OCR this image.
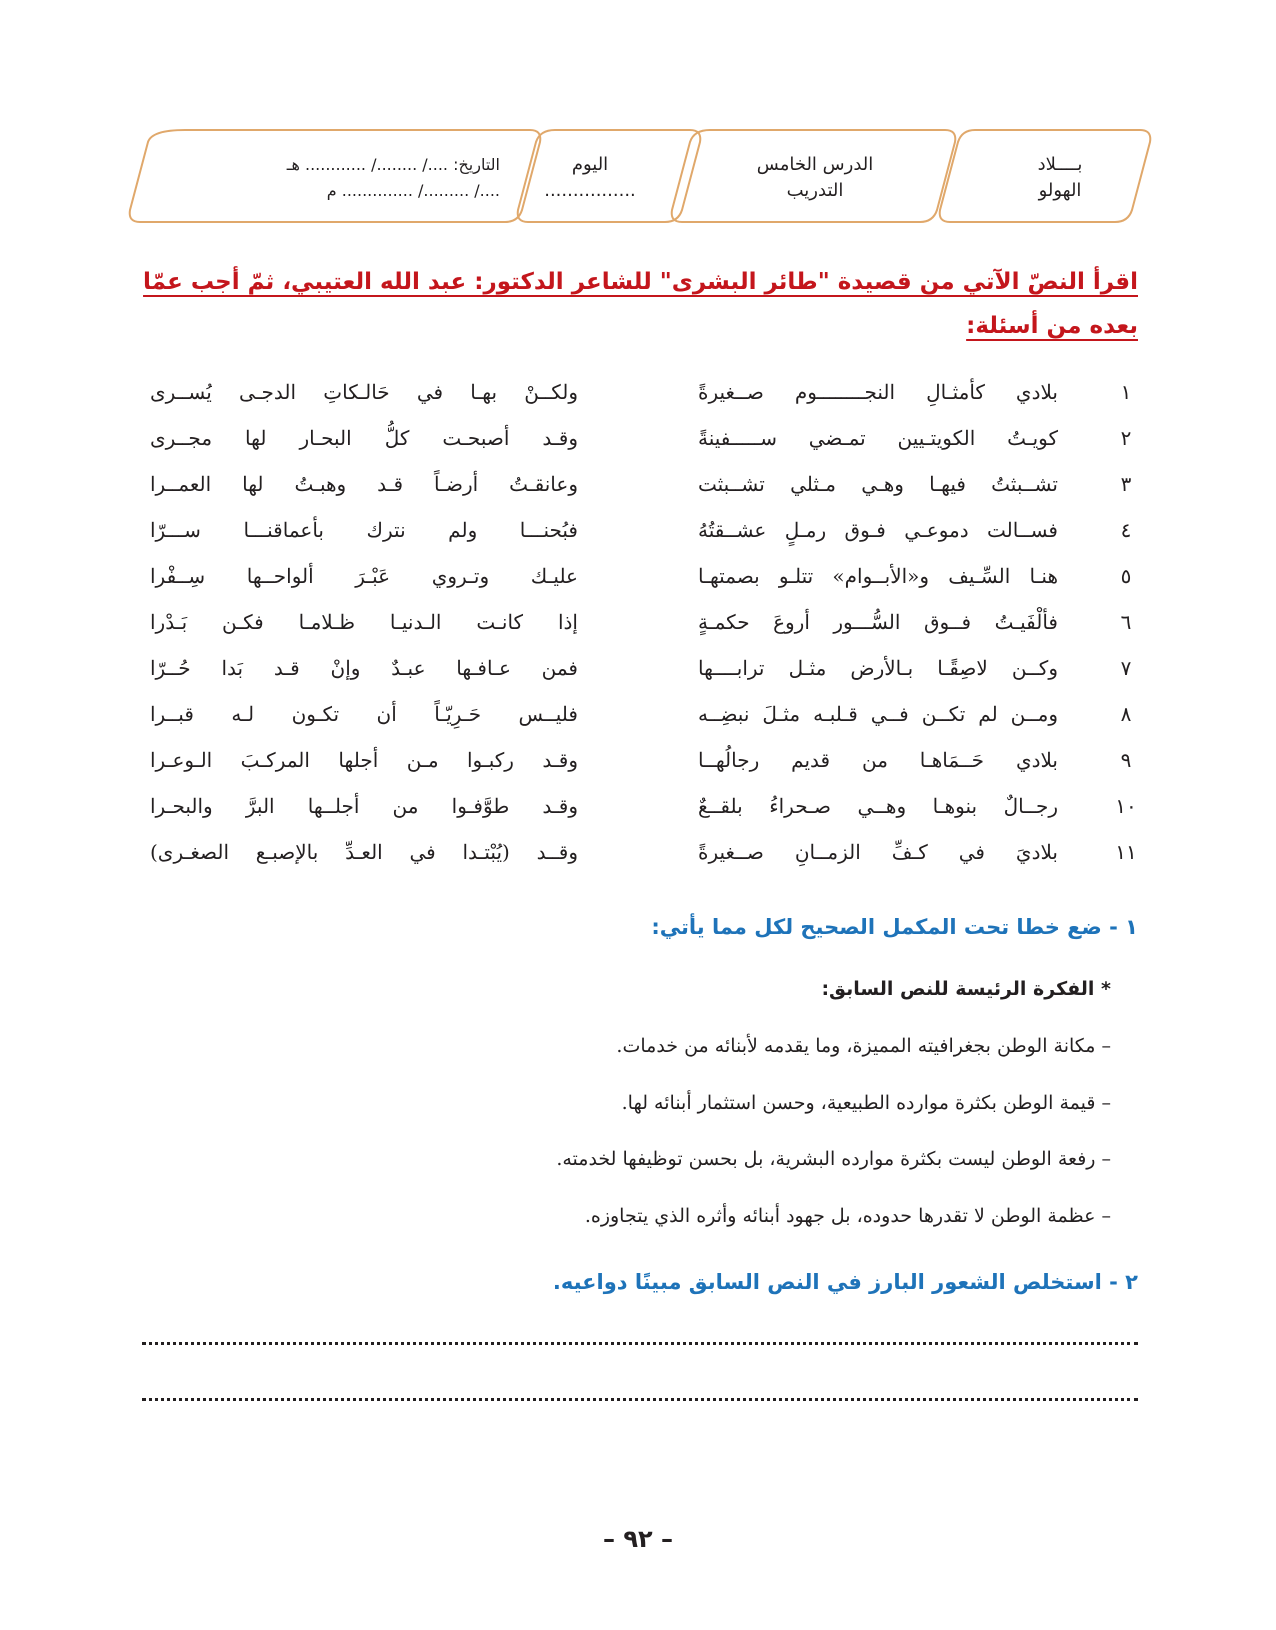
بــــلاد
الهولو
الدرس الخامس
التدريب
اليوم
................
التاريخ: ..../ ......../ ............ هـ
..../ ........./ .............. م
اقرأ النصّ الآتي من قصيدة "طائر البشرى" للشاعر الدكتور: عبد الله العتيبي، ثمّ أجب عمّا بعده من أسئلة:
١
بلادي كأمثـالِ النجــــــــوم صــغيرةً
ولكــنْ بهـا في حَالـكاتِ الدجـى يُســرى
٢
كويـتُ الكويتـيين تمـضي ســـــفينةً
وقـد أصبحـت كلُّ البحـار لها مجــرى
٣
تشــبثتُ فيهـا وهـي مـثلي تشــبثت
وعانقـتُ أرضـاً قـد وهبـتُ لها العمــرا
٤
فســالت دموعـي فـوق رمـلٍ عشــقتُهُ
فبُحنـــا ولم نترك بأعماقنـــا ســـرّا
٥
هنـا السِّـيف و«الأبــوام» تتلـو بصمتهـا
عليـك وتـروي عَبْـرَ ألواحــها سِــفْرا
٦
فألْفَيـتُ فــوق السُّـــور أروعَ حكمـةٍ
إذا كانـت الـدنيـا ظـلامـا فكـن بَـدْرا
٧
وكــن لاصِقًـا بـالأرض مثـل ترابــــها
فمن عـافـها عبـدٌ وإنْ قـد بَدا حُــرّا
٨
ومــن لم تكــن فــي قـلبـه مثـلَ نبضِــه
فليــس حَـرِيّـاً أن تكـون لـه قبــرا
٩
بلادي حَــمَاهـا من قديم رجالُهــا
وقـد ركبـوا مـن أجلها المركـبَ الـوعـرا
١٠
رجــالٌ بنوهـا وهــي صـحراءُ بلقــعٌ
وقـد طوَّفـوا من أجلــها البرَّ والبحـرا
١١
بلاديَ في كـفِّ الزمــانِ صــغيرةً
وقــد (يُبْتـدا في العـدِّ بالإصبـع الصغـرى)
١ - ضع خطا تحت المكمل الصحيح لكل مما يأتي:
* الفكرة الرئيسة للنص السابق:
– مكانة الوطن بجغرافيته المميزة، وما يقدمه لأبنائه من خدمات.
– قيمة الوطن بكثرة موارده الطبيعية، وحسن استثمار أبنائه لها.
– رفعة الوطن ليست بكثرة موارده البشرية، بل بحسن توظيفها لخدمته.
– عظمة الوطن لا تقدرها حدوده، بل جهود أبنائه وأثره الذي يتجاوزه.
٢ - استخلص الشعور البارز في النص السابق مبينًا دواعيه.
– ٩٢ –
